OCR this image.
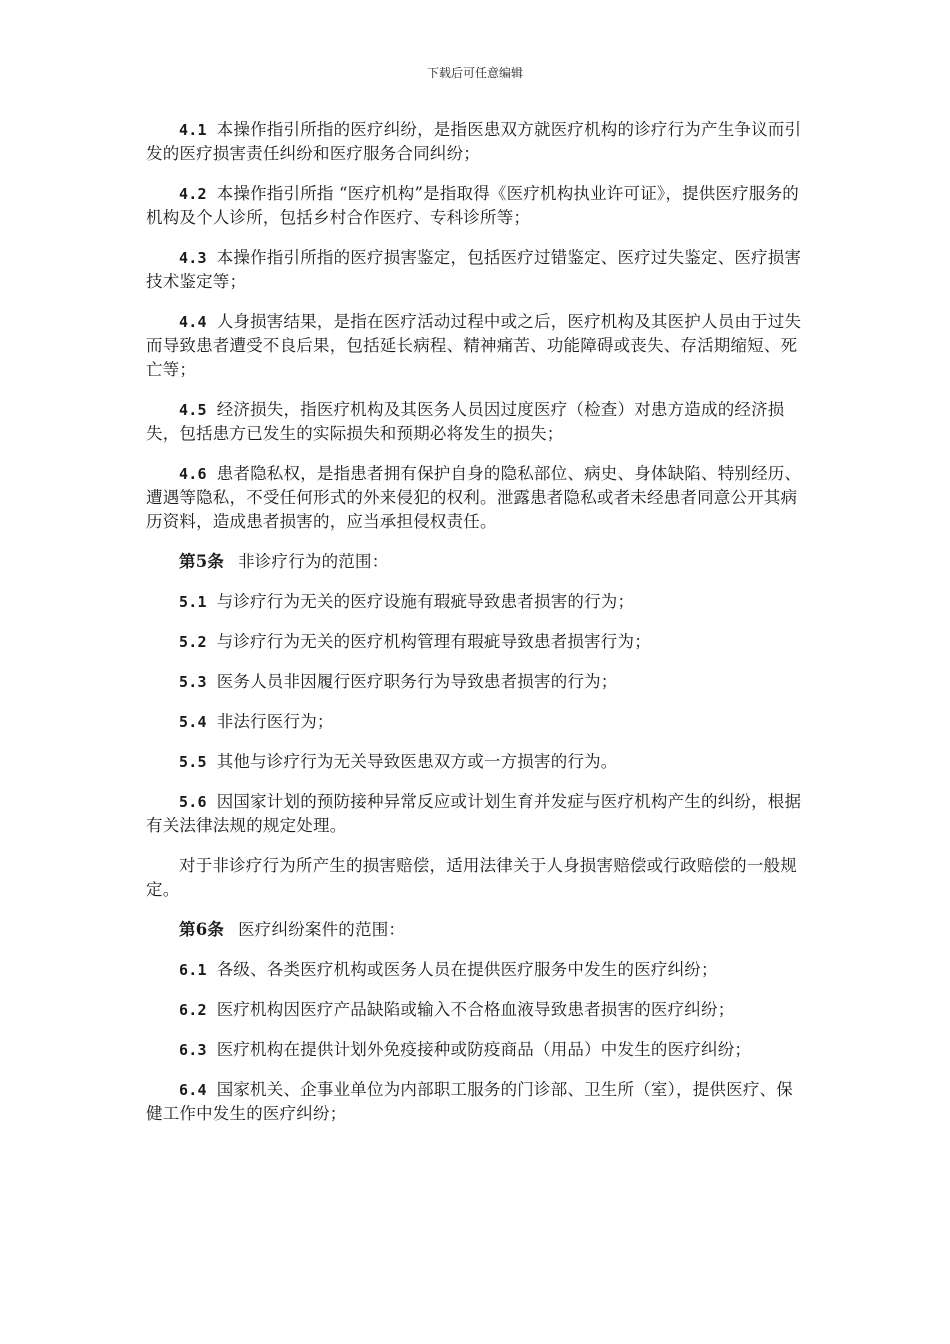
下载后可任意编辑

4.1 本操作指引所指的医疗纠纷，是指医患双方就医疗机构的诊疗行为产生争议而引发的医疗损害责任纠纷和医疗服务合同纠纷；

4.2 本操作指引所指 “医疗机构”是指取得《医疗机构执业许可证》，提供医疗服务的机构及个人诊所，包括乡村合作医疗、专科诊所等；

4.3 本操作指引所指的医疗损害鉴定，包括医疗过错鉴定、医疗过失鉴定、医疗损害技术鉴定等；

4.4 人身损害结果，是指在医疗活动过程中或之后，医疗机构及其医护人员由于过失而导致患者遭受不良后果，包括延长病程、精神痛苦、功能障碍或丧失、存活期缩短、死亡等；

4.5 经济损失，指医疗机构及其医务人员因过度医疗（检查）对患方造成的经济损失，包括患方已发生的实际损失和预期必将发生的损失；

4.6 患者隐私权，是指患者拥有保护自身的隐私部位、病史、身体缺陷、特别经历、遭遇等隐私，不受任何形式的外来侵犯的权利。泄露患者隐私或者未经患者同意公开其病历资料，造成患者损害的，应当承担侵权责任。

第5条 非诊疗行为的范围：

5.1 与诊疗行为无关的医疗设施有瑕疵导致患者损害的行为；

5.2 与诊疗行为无关的医疗机构管理有瑕疵导致患者损害行为；

5.3 医务人员非因履行医疗职务行为导致患者损害的行为；

5.4 非法行医行为；

5.5 其他与诊疗行为无关导致医患双方或一方损害的行为。

5.6 因国家计划的预防接种异常反应或计划生育并发症与医疗机构产生的纠纷，根据有关法律法规的规定处理。

对于非诊疗行为所产生的损害赔偿，适用法律关于人身损害赔偿或行政赔偿的一般规定。

第6条 医疗纠纷案件的范围：

6.1 各级、各类医疗机构或医务人员在提供医疗服务中发生的医疗纠纷；

6.2 医疗机构因医疗产品缺陷或输入不合格血液导致患者损害的医疗纠纷；

6.3 医疗机构在提供计划外免疫接种或防疫商品（用品）中发生的医疗纠纷；

6.4 国家机关、企事业单位为内部职工服务的门诊部、卫生所（室），提供医疗、保健工作中发生的医疗纠纷；
